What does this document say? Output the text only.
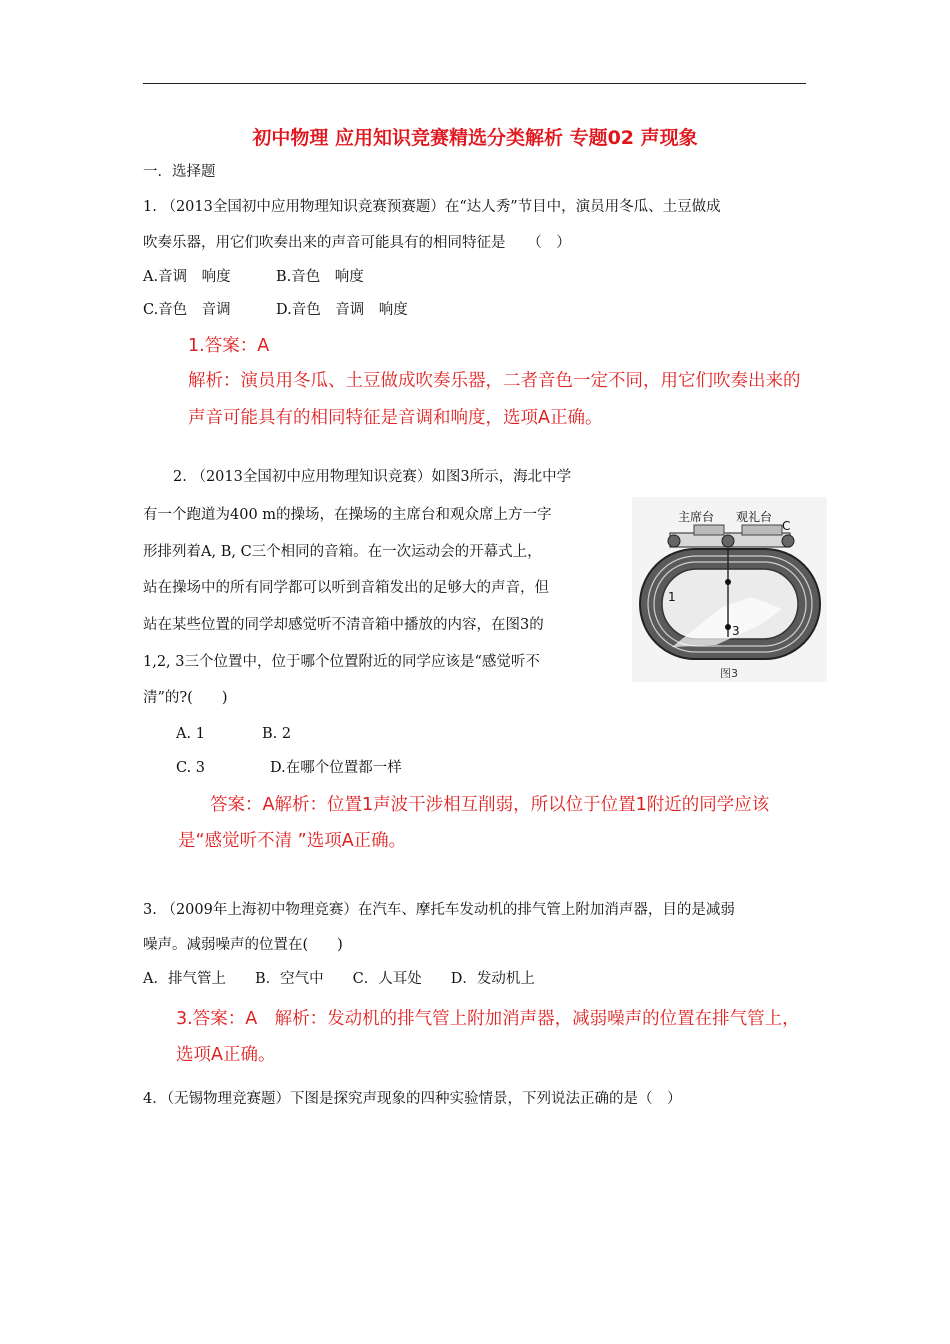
初中物理 应用知识竞赛精选分类解析 专题02 声现象
一．选择题
1. （2013全国初中应用物理知识竞赛预赛题）在“达人秀”节目中，演员用冬瓜、土豆做成
吹奏乐器，用它们吹奏出来的声音可能具有的相同特征是　　（　）
A.音调　响度	B.音色　响度
C.音色　音调	D.音色　音调　响度
1.答案：A
解析：演员用冬瓜、土豆做成吹奏乐器，二者音色一定不同，用它们吹奏出来的
声音可能具有的相同特征是音调和响度，选项A正确。
2. （2013全国初中应用物理知识竞赛）如图3所示，海北中学
有一个跑道为400 m的操场，在操场的主席台和观众席上方一字
形排列着A, B, C三个相同的音箱。在一次运动会的开幕式上，
站在操场中的所有同学都可以听到音箱发出的足够大的声音，但
站在某些位置的同学却感觉听不清音箱中播放的内容，在图3的
1,2, 3三个位置中，位于哪个位置附近的同学应该是“感觉听不
清”的?(　　)
主席台 观礼台
C
1
3
图3
A. 1	B. 2
C. 3	D.在哪个位置都一样
答案：A解析：位置1声波干涉相互削弱，所以位于位置1附近的同学应该
是“感觉听不清 ”选项A正确。
3. （2009年上海初中物理竞赛）在汽车、摩托车发动机的排气管上附加消声器，目的是减弱
噪声。减弱噪声的位置在(　　)
A．排气管上　　B．空气中　　C．人耳处　　D．发动机上
3.答案：A　解析：发动机的排气管上附加消声器，减弱噪声的位置在排气管上，
选项A正确。
4．（无锡物理竞赛题）下图是探究声现象的四种实验情景，下列说法正确的是（　）
